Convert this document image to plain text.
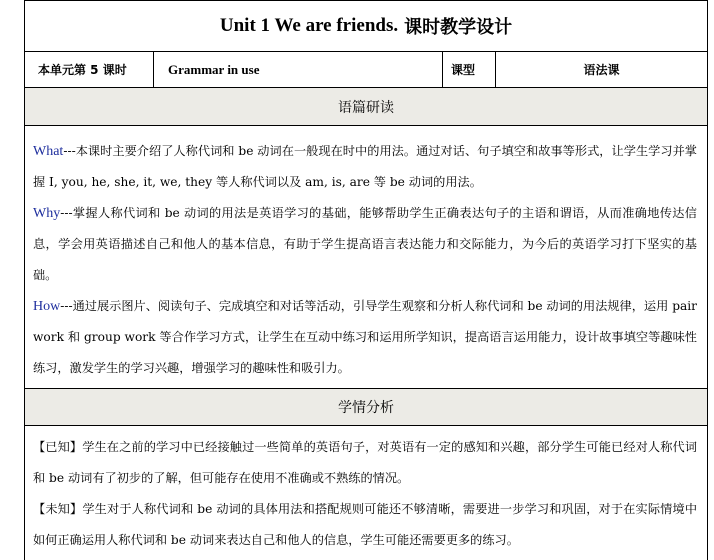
Unit 1 We are friends. 课时教学设计
本单元第 5 课时	Grammar in use	课型	语法课
语篇研读

What---本课时主要介绍了人称代词和 be 动词在一般现在时中的用法。通过对话、句子填空和故事等形式，让学生学习并掌握 I, you, he, she, it, we, they 等人称代词以及 am, is, are 等 be 动词的用法。

Why---掌握人称代词和 be 动词的用法是英语学习的基础，能够帮助学生正确表达句子的主语和谓语，从而准确地传达信息，学会用英语描述自己和他人的基本信息，有助于学生提高语言表达能力和交际能力，为今后的英语学习打下坚实的基础。

How---通过展示图片、阅读句子、完成填空和对话等活动，引导学生观察和分析人称代词和 be 动词的用法规律，运用 pair work 和 group work 等合作学习方式，让学生在互动中练习和运用所学知识，提高语言运用能力，设计故事填空等趣味性练习，激发学生的学习兴趣，增强学习的趣味性和吸引力。

学情分析

【已知】学生在之前的学习中已经接触过一些简单的英语句子，对英语有一定的感知和兴趣，部分学生可能已经对人称代词和 be 动词有了初步的了解，但可能存在使用不准确或不熟练的情况。

【未知】学生对于人称代词和 be 动词的具体用法和搭配规则可能还不够清晰，需要进一步学习和巩固，对于在实际情境中如何正确运用人称代词和 be 动词来表达自己和他人的信息，学生可能还需要更多的练习。
